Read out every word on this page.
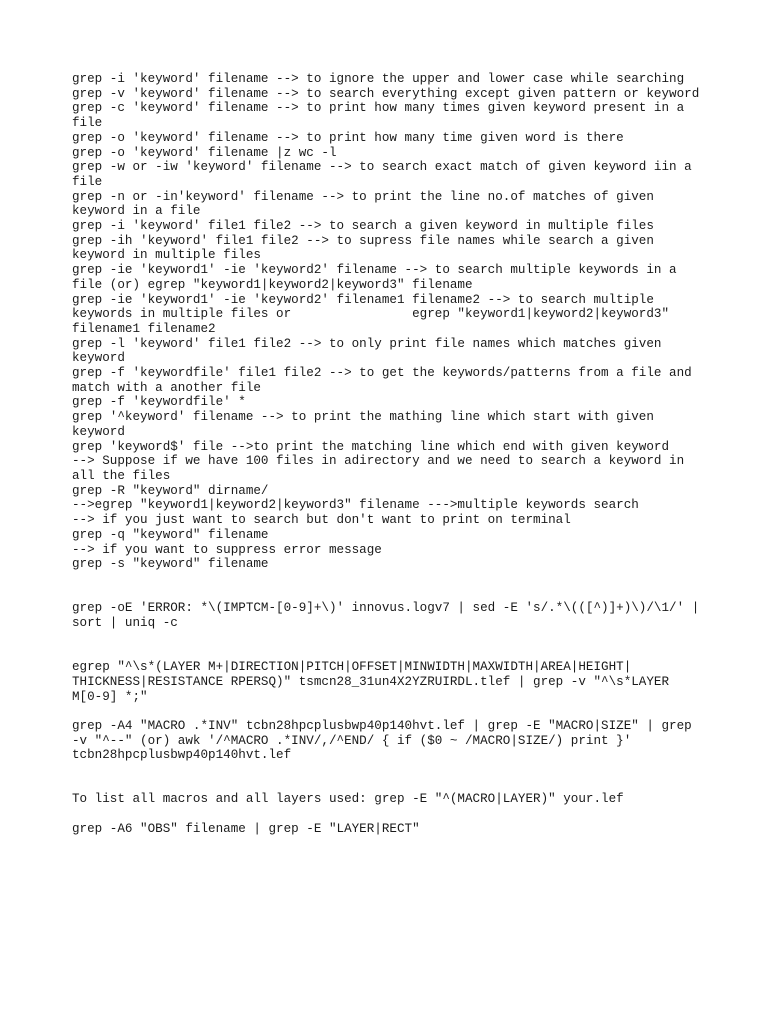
grep -i 'keyword' filename --> to ignore the upper and lower case while searching

grep -v 'keyword' filename --> to search everything except given pattern or keyword

grep -c 'keyword' filename --> to print how many times given keyword present in a
file

grep -o 'keyword' filename --> to print how many time given word is there

grep -o 'keyword' filename |z wc -l

grep -w or -iw 'keyword' filename --> to search exact match of given keyword iin a
file

grep -n or -in'keyword' filename --> to print the line no.of matches of given
keyword in a file

grep -i 'keyword' file1 file2 --> to search a given keyword in multiple files

grep -ih 'keyword' file1 file2 --> to supress file names while search a given
keyword in multiple files

grep -ie 'keyword1' -ie 'keyword2' filename --> to search multiple keywords in a
file (or) egrep "keyword1|keyword2|keyword3" filename

grep -ie 'keyword1' -ie 'keyword2' filename1 filename2 --> to search multiple
keywords in multiple files or                egrep "keyword1|keyword2|keyword3"
filename1 filename2

grep -l 'keyword' file1 file2 --> to only print file names which matches given
keyword

grep -f 'keywordfile' file1 file2 --> to get the keywords/patterns from a file and
match with a another file

grep -f 'keywordfile' *

grep '^keyword' filename --> to print the mathing line which start with given
keyword

grep 'keyword$' file -->to print the matching line which end with given keyword

--> Suppose if we have 100 files in adirectory and we need to search a keyword in
all the files

grep -R "keyword" dirname/

-->egrep "keyword1|keyword2|keyword3" filename --->multiple keywords search

--> if you just want to search but don't want to print on terminal

grep -q "keyword" filename

--> if you want to suppress error message

grep -s "keyword" filename

grep -oE 'ERROR: *\(IMPTCM-[0-9]+\)' innovus.logv7 | sed -E 's/.*\(([^)]+)\)/\1/' |
sort | uniq -c

egrep "^\s*(LAYER M+|DIRECTION|PITCH|OFFSET|MINWIDTH|MAXWIDTH|AREA|HEIGHT|
THICKNESS|RESISTANCE RPERSQ)" tsmcn28_31un4X2YZRUIRDL.tlef | grep -v "^\s*LAYER
M[0-9] *;"

grep -A4 "MACRO .*INV" tcbn28hpcplusbwp40p140hvt.lef | grep -E "MACRO|SIZE" | grep
-v "^--" (or) awk '/^MACRO .*INV/,/^END/ { if ($0 ~ /MACRO|SIZE/) print }'
tcbn28hpcplusbwp40p140hvt.lef

To list all macros and all layers used: grep -E "^(MACRO|LAYER)" your.lef

grep -A6 "OBS" filename | grep -E "LAYER|RECT"
